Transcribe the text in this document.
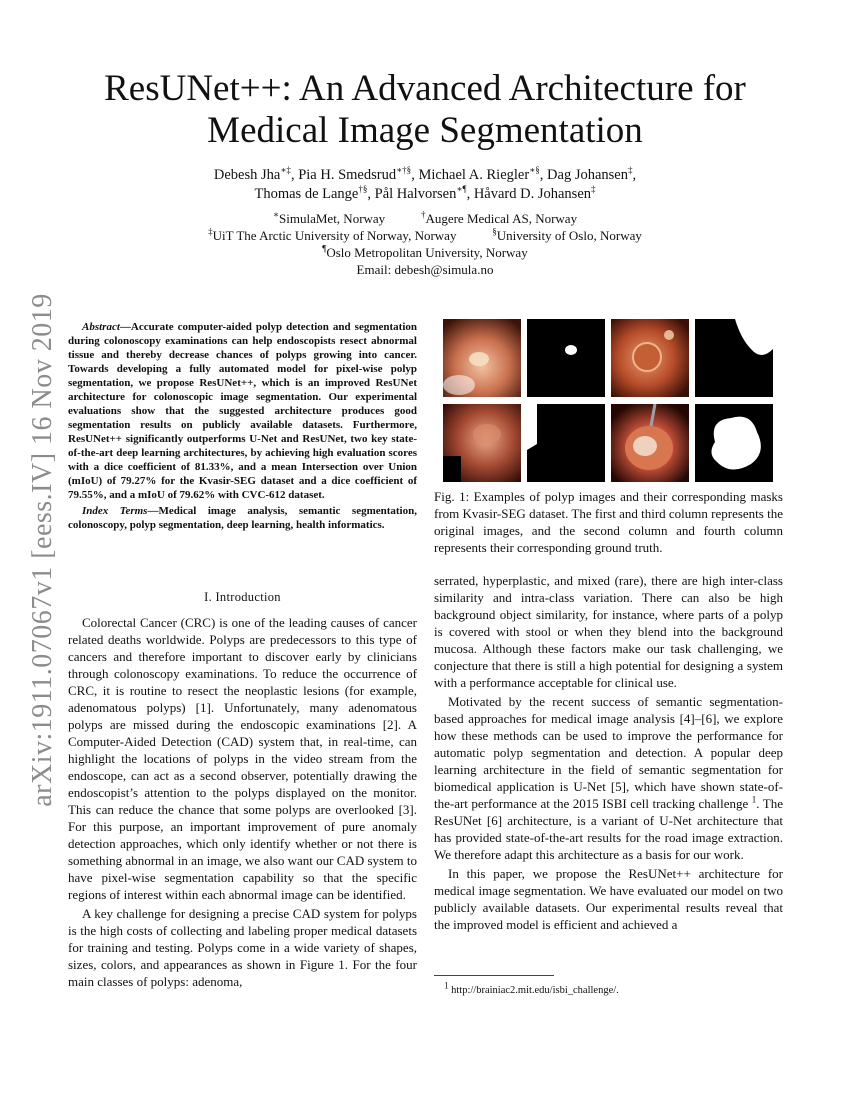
arXiv:1911.07067v1 [eess.IV] 16 Nov 2019
ResUNet++: An Advanced Architecture for Medical Image Segmentation
Debesh Jha∗‡, Pia H. Smedsrud∗†§, Michael A. Riegler∗§, Dag Johansen‡,
Thomas de Lange†§, Pål Halvorsen∗¶, Håvard D. Johansen‡
∗SimulaMet, Norway	†Augere Medical AS, Norway
‡UiT The Arctic University of Norway, Norway	§University of Oslo, Norway
¶Oslo Metropolitan University, Norway
Email: debesh@simula.no

Abstract—Accurate computer-aided polyp detection and segmentation during colonoscopy examinations can help endoscopists resect abnormal tissue and thereby decrease chances of polyps growing into cancer. Towards developing a fully automated model for pixel-wise polyp segmentation, we propose ResUNet++, which is an improved ResUNet architecture for colonoscopic image segmentation. Our experimental evaluations show that the suggested architecture produces good segmentation results on publicly available datasets. Furthermore, ResUNet++ significantly outperforms U-Net and ResUNet, two key state-of-the-art deep learning architectures, by achieving high evaluation scores with a dice coefficient of 81.33%, and a mean Intersection over Union (mIoU) of 79.27% for the Kvasir-SEG dataset and a dice coefficient of 79.55%, and a mIoU of 79.62% with CVC-612 dataset.

Index Terms—Medical image analysis, semantic segmentation, colonoscopy, polyp segmentation, deep learning, health informatics.

I. Introduction

Colorectal Cancer (CRC) is one of the leading causes of cancer related deaths worldwide. Polyps are predecessors to this type of cancers and therefore important to discover early by clinicians through colonoscopy examinations. To reduce the occurrence of CRC, it is routine to resect the neoplastic lesions (for example, adenomatous polyps) [1]. Unfortunately, many adenomatous polyps are missed during the endoscopic examinations [2]. A Computer-Aided Detection (CAD) system that, in real-time, can highlight the locations of polyps in the video stream from the endoscope, can act as a second observer, potentially drawing the endoscopist’s attention to the polyps displayed on the monitor. This can reduce the chance that some polyps are overlooked [3]. For this purpose, an important improvement of pure anomaly detection approaches, which only identify whether or not there is something abnormal in an image, we also want our CAD system to have pixel-wise segmentation capability so that the specific regions of interest within each abnormal image can be identified.

A key challenge for designing a precise CAD system for polyps is the high costs of collecting and labeling proper medical datasets for training and testing. Polyps come in a wide variety of shapes, sizes, colors, and appearances as shown in Figure 1. For the four main classes of polyps: adenoma,

Fig. 1: Examples of polyp images and their corresponding masks from Kvasir-SEG dataset. The first and third column represents the original images, and the second column and fourth column represents their corresponding ground truth.

serrated, hyperplastic, and mixed (rare), there are high inter-class similarity and intra-class variation. There can also be high background object similarity, for instance, where parts of a polyp is covered with stool or when they blend into the background mucosa. Although these factors make our task challenging, we conjecture that there is still a high potential for designing a system with a performance acceptable for clinical use.

Motivated by the recent success of semantic segmentation-based approaches for medical image analysis [4]–[6], we explore how these methods can be used to improve the performance for automatic polyp segmentation and detection. A popular deep learning architecture in the field of semantic segmentation for biomedical application is U-Net [5], which have shown state-of-the-art performance at the 2015 ISBI cell tracking challenge $^1$. The ResUNet [6] architecture, is a variant of U-Net architecture that has provided state-of-the-art results for the road image extraction. We therefore adapt this architecture as a basis for our work.

In this paper, we propose the ResUNet++ architecture for medical image segmentation. We have evaluated our model on two publicly available datasets. Our experimental results reveal that the improved model is efficient and achieved a

$^1$ http://brainiac2.mit.edu/isbi_challenge/.
